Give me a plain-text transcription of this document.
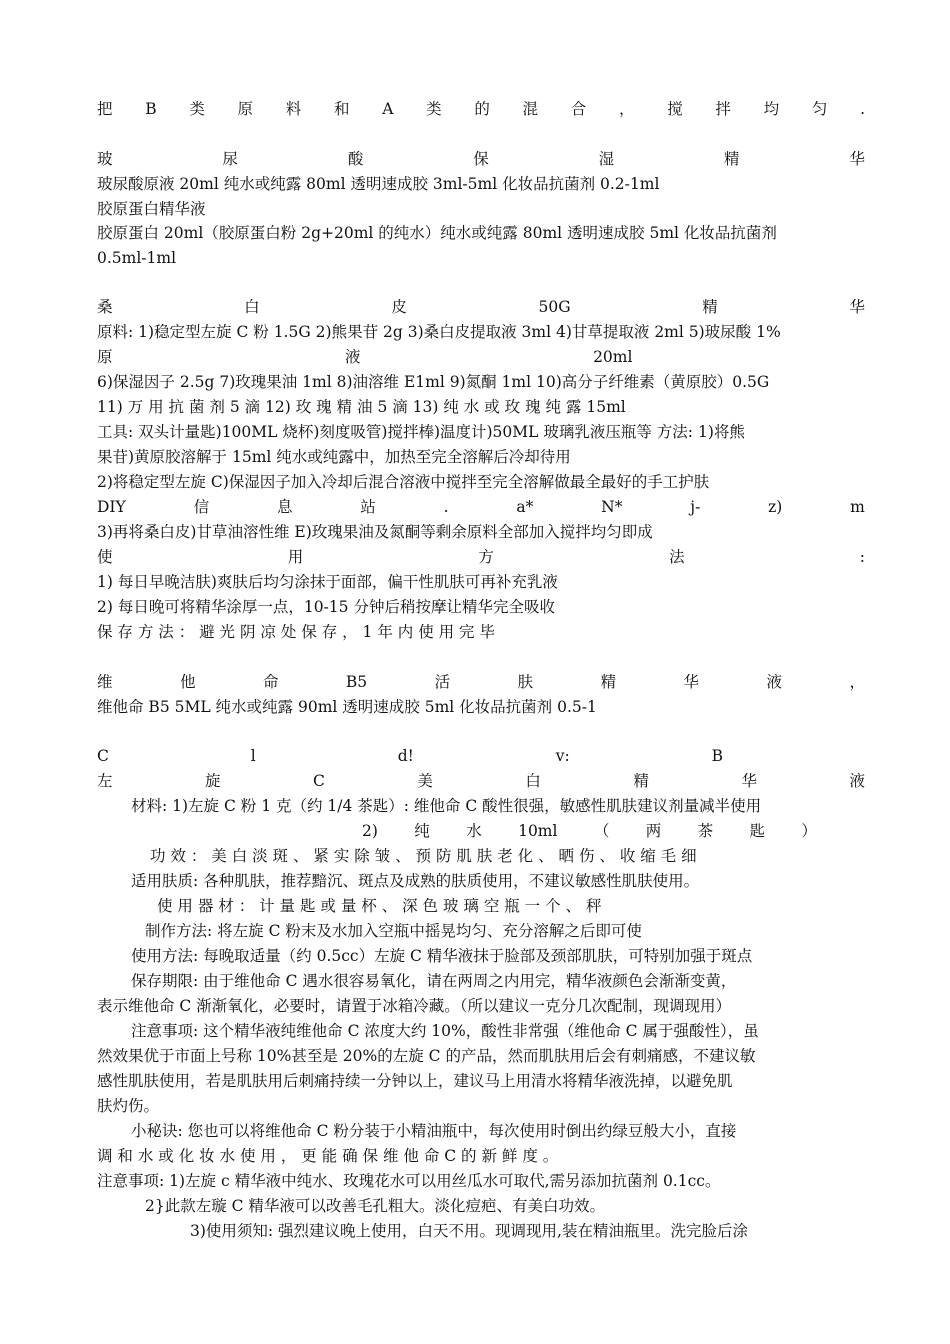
把 B 类 原 料 和 A 类 的 混 合 ， 搅 拌 均 匀 .
玻	尿	酸	保	湿	精	华
玻尿酸原液 20ml 纯水或纯露 80ml 透明速成胶 3ml-5ml 化妆品抗菌剂 0.2-1ml
胶原蛋白精华液
胶原蛋白 20ml（胶原蛋白粉 2g+20ml 的纯水）纯水或纯露 80ml 透明速成胶 5ml 化妆品抗菌剂
0.5ml-1ml
桑	白	皮	50G	精	华
原料: 1)稳定型左旋 C 粉 1.5G 2)熊果苷 2g 3)桑白皮提取液 3ml 4)甘草提取液 2ml 5)玻尿酸 1%
原	液	20ml
6)保湿因子 2.5g 7)玫瑰果油 1ml 8)油溶维 E1ml 9)氮酮 1ml 10)高分子纤维素（黄原胶）0.5G
11) 万 用 抗 菌 剂 5 滴 12) 玫 瑰 精 油 5 滴 13) 纯 水 或 玫 瑰 纯 露 15ml
工具: 双头计量匙)100ML 烧杯)刻度吸管)搅拌棒)温度计)50ML 玻璃乳液压瓶等 方法: 1)将熊
果苷)黄原胶溶解于 15ml 纯水或纯露中，加热至完全溶解后冷却待用
2)将稳定型左旋 C)保湿因子加入冷却后混合溶液中搅拌至完全溶解做最全最好的手工护肤
DIY	信	息	站	.	a*	N*	j-	z)	m
3)再将桑白皮)甘草油溶性维 E)玫瑰果油及氮酮等剩余原料全部加入搅拌均匀即成
使	用	方	法	:
1) 每日早晚洁肤)爽肤后均匀涂抹于面部，偏干性肌肤可再补充乳液
2) 每日晚可将精华涂厚一点，10-15 分钟后稍按摩让精华完全吸收
保 存 方 法 ： 避 光 阴 凉 处 保 存 ， 1 年 内 使 用 完 毕
维	他	命	B5	活	肤	精	华	液	，
维他命 B5 5ML 纯水或纯露 90ml 透明速成胶 5ml 化妆品抗菌剂 0.5-1
C	l	d!	v:	B
左	旋	C	美	白	精	华	液
材料: 1)左旋 C 粉 1 克（约 1/4 茶匙）: 维他命 C 酸性很强，敏感性肌肤建议剂量减半使用
2) 纯 水 10ml （ 两 茶 匙 ）
功 效 ： 美 白 淡 斑 、 紧 实 除 皱 、 预 防 肌 肤 老 化 、 晒 伤 、 收 缩 毛 细
适用肤质: 各种肌肤，推荐黯沉、斑点及成熟的肤质使用，不建议敏感性肌肤使用。
使 用 器 材 ： 计 量 匙 或 量 杯 、 深 色 玻 璃 空 瓶 一 个 、 秤
制作方法: 将左旋 C 粉末及水加入空瓶中摇晃均匀、充分溶解之后即可使
使用方法: 每晚取适量（约 0.5cc）左旋 C 精华液抹于脸部及颈部肌肤，可特别加强于斑点
保存期限: 由于维他命 C 遇水很容易氧化，请在两周之内用完，精华液颜色会渐渐变黄，
表示维他命 C 渐渐氧化，必要时，请置于冰箱冷藏。（所以建议一克分几次配制，现调现用）
注意事项: 这个精华液纯维他命 C 浓度大约 10%，酸性非常强（维他命 C 属于强酸性），虽
然效果优于市面上号称 10%甚至是 20%的左旋 C 的产品，然而肌肤用后会有刺痛感，不建议敏
感性肌肤使用，若是肌肤用后刺痛持续一分钟以上，建议马上用清水将精华液洗掉，以避免肌
肤灼伤。
小秘诀: 您也可以将维他命 C 粉分装于小精油瓶中，每次使用时倒出约绿豆般大小，直接
调 和 水 或 化 妆 水 使 用 ， 更 能 确 保 维 他 命 C 的 新 鲜 度 。
注意事项: 1)左旋 c 精华液中纯水、玫瑰花水可以用丝瓜水可取代,需另添加抗菌剂 0.1cc。
2}此款左璇 C 精华液可以改善毛孔粗大。淡化痘疤、有美白功效。
3)使用须知: 强烈建议晚上使用，白天不用。现调现用,装在精油瓶里。洗完脸后涂
